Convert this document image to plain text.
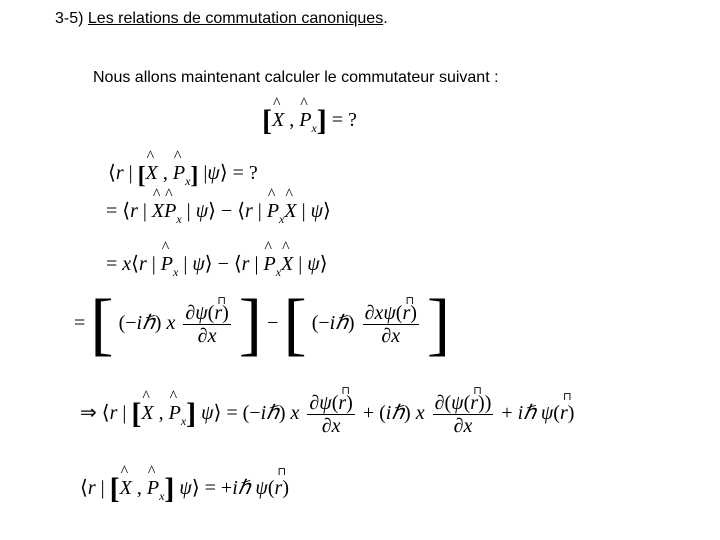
3-5) Les relations de commutation canoniques.
Nous allons maintenant calculer le commutateur suivant :
[^ X , ^ $P_x$] = ?
⟨r | [^ X , ^ $P_x$] |ψ⟩ = ?
= ⟨r | ^ X^ $P_x$ | ψ⟩ − ⟨r | ^ $P_x\^{}$ X | ψ⟩
= x⟨r | ^ $P_x$ | ψ⟩ − ⟨r | ^ $P_x\^{}$ X | ψ⟩
= [ (−iℏ) x $\frac{\partial\psi(⊓ r)}{\partial x}$ ] − [ (−iℏ) $\frac{\partial x\psi(⊓ r)}{\partial x}$ ]
⇒ ⟨r | [^ X , ^ $P_x$] ψ⟩ = (−iℏ) x $\frac{\partial\psi(⊓ r)}{\partial x}$ + (iℏ) x $\frac{\partial(\psi(⊓ r))}{\partial x}$ + iℏ ψ(⊓ r)
⟨r | [^ X , ^ $P_x$] ψ⟩ = +iℏ ψ(⊓ r)
